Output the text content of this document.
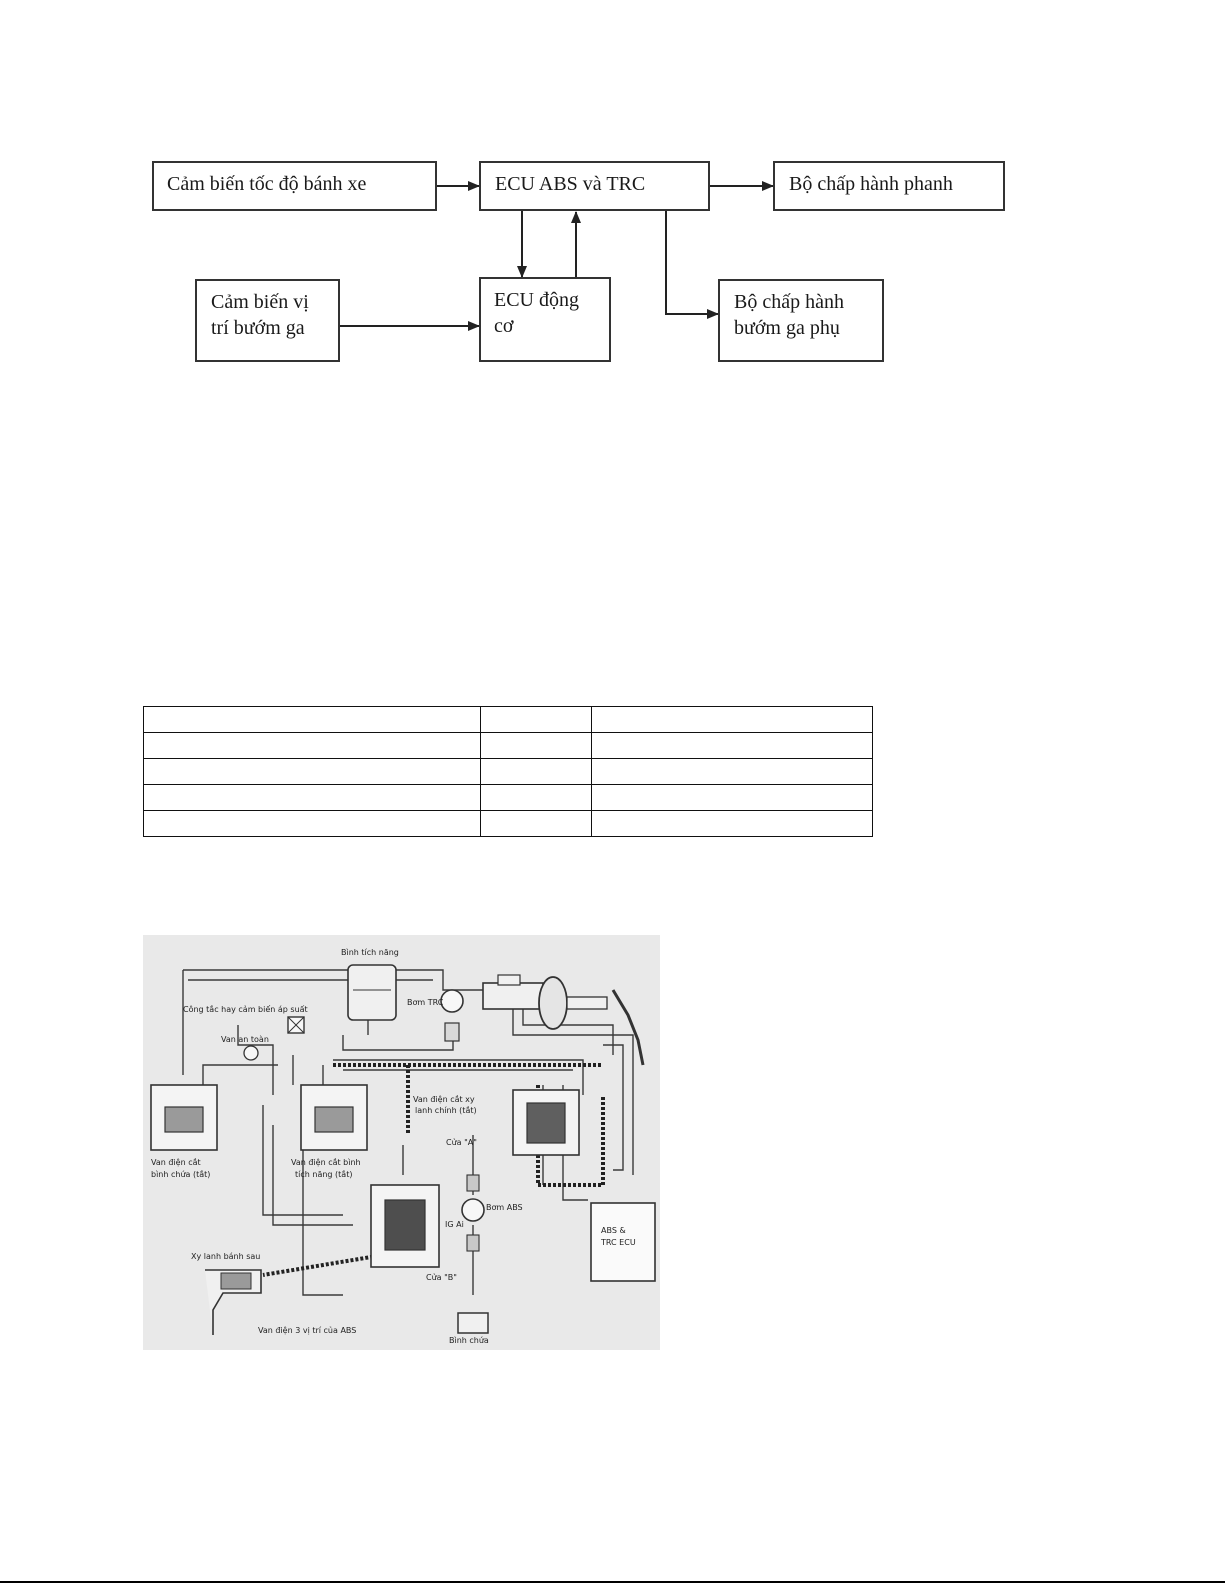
Cảm biến tốc độ bánh xe	ECU ABS và TRC	Bộ chấp hành phanh
Cảm biến vị
trí bướm ga
ECU động
cơ
Bộ chấp hành
bướm ga phụ

Bình tích năng
Công tắc hay cảm biến áp suất
Van an toàn
Bơm TRC
Van điện cắt
bình chứa (tắt)
Van điện cắt bình
tích năng (tắt)
Van điện cắt xy
lanh chính (tắt)
Cửa "A"
Cửa "B"
Bơm ABS
IG Ai
Xy lanh bánh sau
Van điện 3 vị trí của ABS
Bình chứa
ABS &
TRC ECU
